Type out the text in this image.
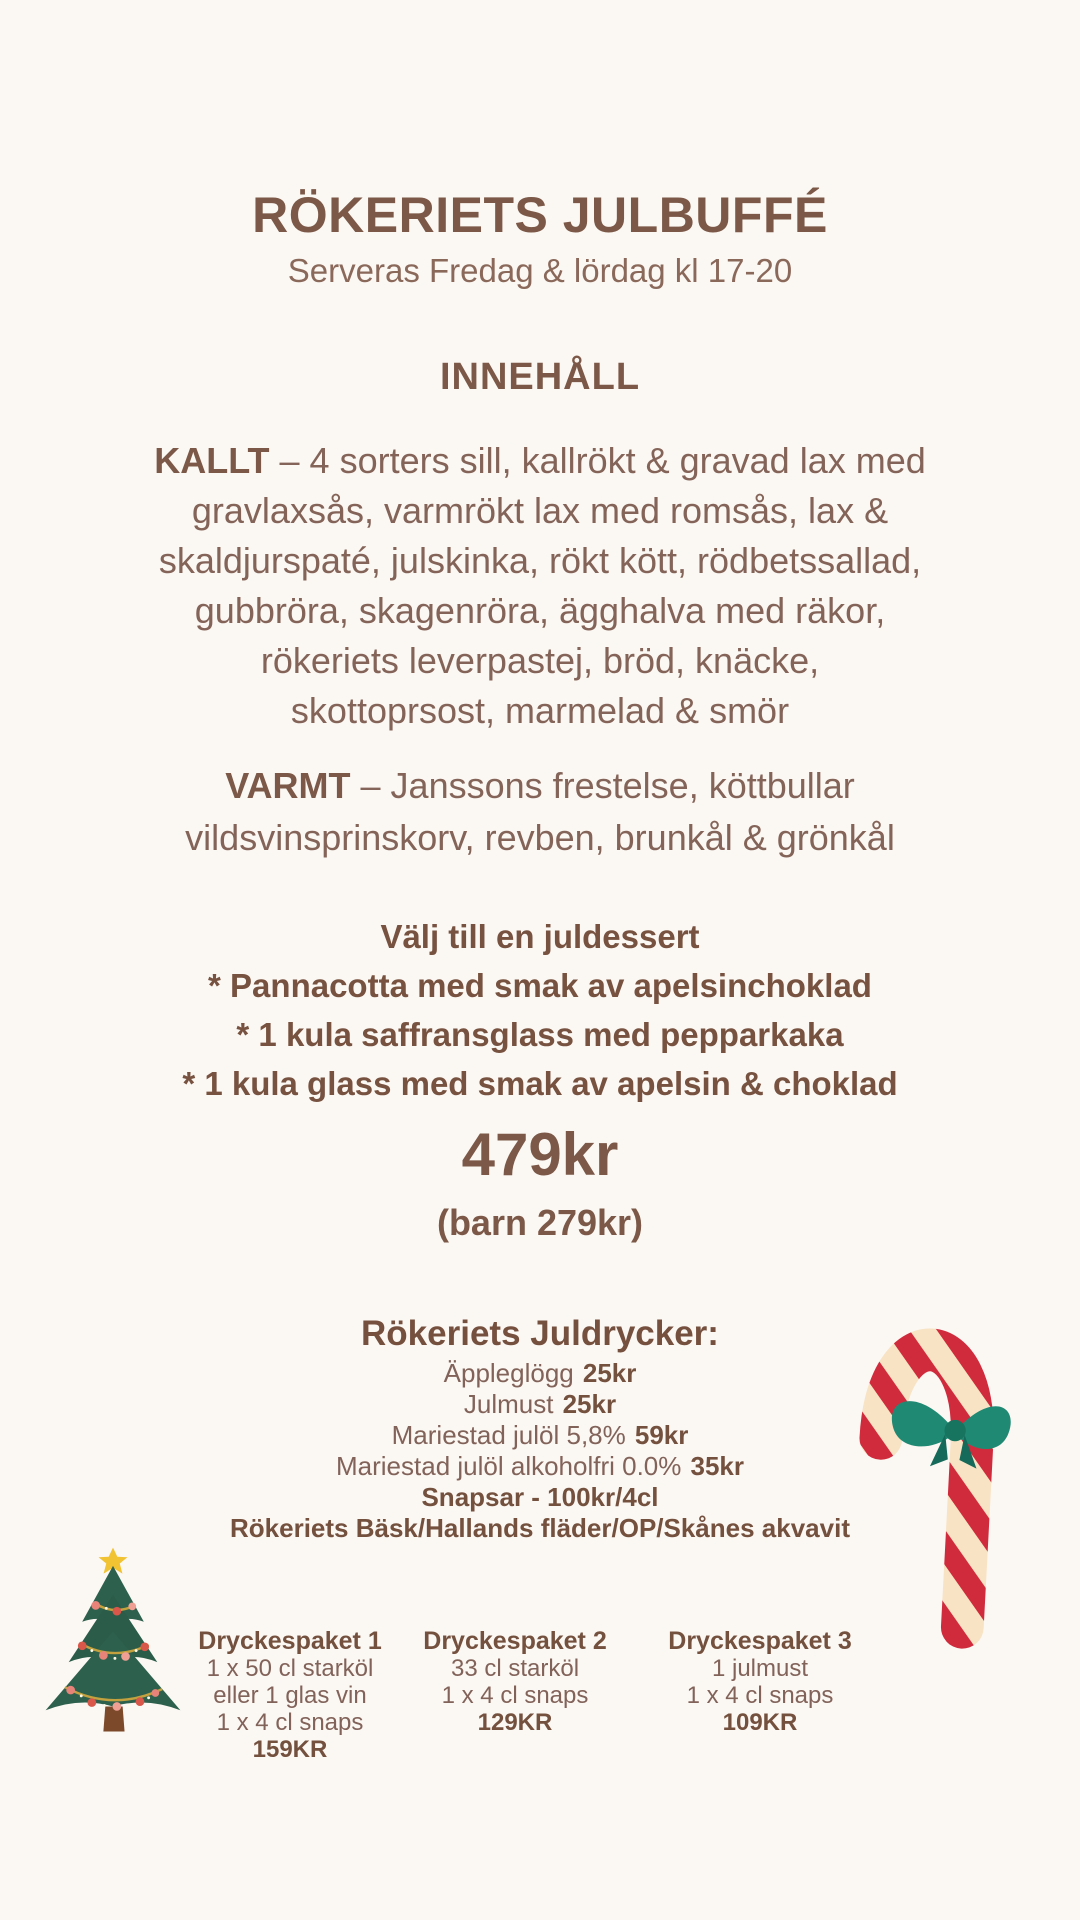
RÖKERIETS JULBUFFÉ
Serveras Fredag & lördag kl 17-20
INNEHÅLL

KALLT – 4 sorters sill, kallrökt & gravad lax med
gravlaxsås, varmrökt lax med romsås, lax &
skaldjurspaté, julskinka, rökt kött, rödbetssallad,
gubbröra, skagenröra, ägghalva med räkor,
rökeriets leverpastej, bröd, knäcke,
skottoprsost, marmelad & smör

VARMT – Janssons frestelse, köttbullar
vildsvinsprinskorv, revben, brunkål & grönkål

Välj till en juldessert
* Pannacotta med smak av apelsinchoklad
* 1 kula saffransglass med pepparkaka
* 1 kula glass med smak av apelsin & choklad
479kr
(barn 279kr)
Rökeriets Juldrycker:
Äppleglögg 25kr
Julmust 25kr
Mariestad julöl 5,8% 59kr
Mariestad julöl alkoholfri 0.0% 35kr
Snapsar - 100kr/4cl
Rökeriets Bäsk/Hallands fläder/OP/Skånes akvavit
Dryckespaket 1
1 x 50 cl starköl
eller 1 glas vin
1 x 4 cl snaps
159KR
Dryckespaket 2
33 cl starköl
1 x 4 cl snaps
129KR
Dryckespaket 3
1 julmust
1 x 4 cl snaps
109KR
